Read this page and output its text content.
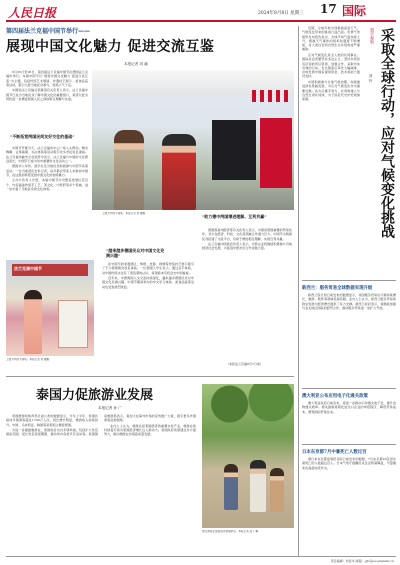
人民日报	2024年8月8日 星期三 17 国际
第四届法兰克福中国节举行——
展现中国文化魅力 促进交流互鉴
本报记者 刘 融

6月25日至26日，第四届法兰克福中国节在德国法兰克福市举行。本届中国节以“展现中国文化魅力 促进交流互鉴”为主题，包括传统艺术展演、非遗技艺展示、美食品鉴等活动，吸引大批当地民众参与，现场人气十足。

中国驻法兰克福总领事馆有关负责人表示，法兰克福中国节已成为当地民众了解中国文化的重要窗口，希望以此为契机进一步增进两国人民之间的相互理解与友谊。

“不断拓宽两国民间友好交往的基础”

中国节开幕当天，法兰克福市中心广场人头攒动。舞龙舞狮、古筝演奏、书法体验等活动吸引众多市民驻足观看。法兰克福市副市长在致辞中表示，法兰克福与中国的交往源远流长，中国节已成为该市重要的文化活动之一。

德国华人华侨、留学生及当地民众积极参与中国节各项活动。一位当地居民告诉记者，每年都会带家人来参加中国节，在这里能够感受到中国文化的独特魅力。

主办方负责人介绍，本届中国节共设置各类展位近百个，内容涵盖传统手工艺、茶文化、中医药等多个领域，进一步丰富了当地民众的文化体验。

法兰克福中国节
上图为中国节现场。本报记者 刘 融摄
上图为中国节现场。本报记者 刘 融摄
“越来越多德国民众对中国文化充满兴趣”

在中国节的非遗展区，剪纸、皮影、刺绣等传统技艺展示吸引了不少德国观众驻足体验。一位德国大学生表示，通过亲手体验，对中国传统文化有了更直观的认识，希望将来有机会去中国看看。

近年来，中德两国人文交流持续深化，越来越多德国民众对中国文化充满兴趣。中国节期间举办的中文学习体验、美食品鉴等活动也受到热烈欢迎。

“助力德中两国增进理解、互利共赢”

德国黑森州经济部有关负责人表示，中国是德国重要的贸易伙伴，双方在经济、科技、文化等领域合作潜力巨大。中国节为两国民众搭建了交流平台，有助于增进相互理解、实现互利共赢。

法兰克福中国商会负责人表示，中资企业将继续积极参与当地经济社会发展，为促进中德友好合作贡献力量。

（本报法兰克福8月7日电）
寰宇观察 采取全球行动，应对气候变化挑战
刘 玲

近期，全球多地出现极端高温天气，气候变化带来的挑战日益凸显。世界气象组织发布报告指出，全球平均气温持续上升，极端天气事件的频率和强度不断增加，对人类社会和自然生态系统构成严重威胁。

应对气候变化是全人类的共同事业。国际社会需要坚持多边主义，坚持共同但有区别的责任原则，加强合作，采取切实有效的行动。发达国家应率先大幅减排，并向发展中国家提供资金、技术和能力建设支持。

中国积极参与全球气候治理，持续推进绿色低碳发展，为应对气候变化作出重要贡献。各方应携手努力，共同构建人与自然生命共同体，为子孙后代守护好地球家园。

新西兰：服务贸易全球数据实现升级
新西兰统计局日前发布的数据显示，该国服务贸易出口额持续增长，旅游、教育等领域表现亮眼。业内人士认为，新西兰服务贸易的稳步发展为经济增长提供了有力支撑。新西兰政府表示，将继续加强与亚太地区国家的经贸合作，推动服务贸易进一步扩大开放。
澳大利亚公布应用电子化通关政策
澳大利亚政府日前宣布，将进一步推动口岸通关电子化，提升货物通关效率。相关措施将简化进出口企业的申报程序，降低贸易成本，便利国际贸易往来。
日本东京都7月中暑死亡人数过百
据日本东京都监察医务院日前发布的数据，7月东京都23区因中暑死亡的人数超过百人。日本气象厅提醒民众注意防暑降温，尽量避免在高温时段外出。
泰国力促旅游业发展
本报记者 孙 广

泰国旅游和体育部日前公布的数据显示，今年上半年，泰国共接待外国游客超过1700万人次，同比增长明显，旅游收入持续回升。中国、马来西亚、韩国等是泰国主要客源国。

为进一步提振旅游业，泰国政府出台多项举措，包括扩大免签国家范围、延长免签停留期限、推动举办各类节庆活动等。泰国国家旅游局表示，将加大在海外市场的宣传推广力度，吸引更多外国游客赴泰旅游。

业内人士认为，旅游业是泰国经济的重要支柱产业，旅游业的持续复苏将为泰国经济增长注入新动力。泰国政府希望通过多方面努力，推动旅游业实现高质量发展。

图为游客在泰国清迈参观游览。本报记者 孙 广摄
责任编辑：刘佳华 邮箱：gjb@peopledaily.cn
